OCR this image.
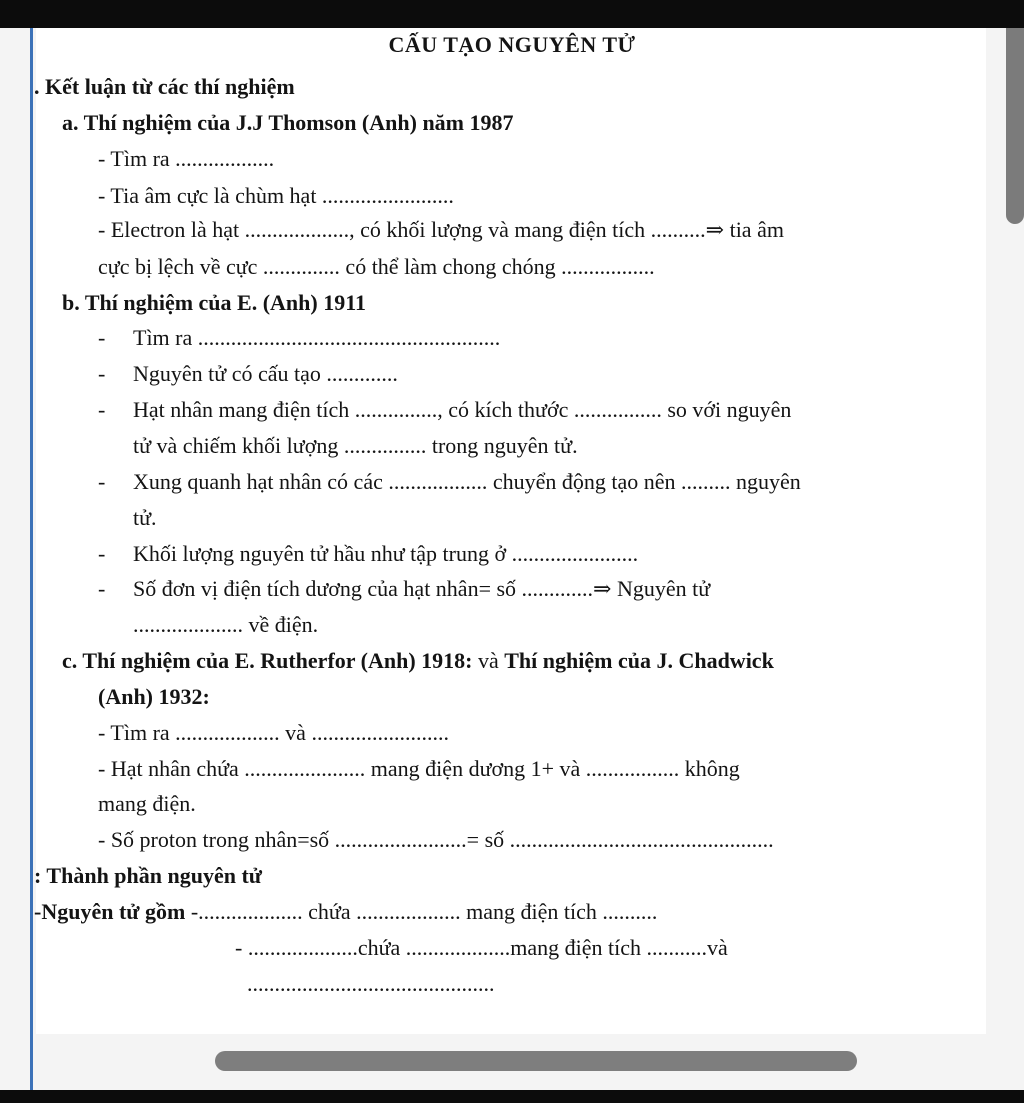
CẤU TẠO NGUYÊN TỬ
. Kết luận từ các thí nghiệm
a. Thí nghiệm của J.J Thomson (Anh) năm 1987
- Tìm ra ..................
- Tia âm cực là chùm hạt ........................
- Electron là hạt ..................., có khối lượng và mang điện tích ..........⇒ tia âm
cực bị lệch về cực .............. có thể làm chong chóng .................
b. Thí nghiệm của E. (Anh) 1911
- Tìm ra .......................................................
- Nguyên tử có cấu tạo .............
- Hạt nhân mang điện tích ..............., có kích thước ................ so với nguyên
tử và chiếm khối lượng ............... trong nguyên tử.
- Xung quanh hạt nhân có các .................. chuyển động tạo nên ......... nguyên
tử.
- Khối lượng nguyên tử hầu như tập trung ở .......................
- Số đơn vị điện tích dương của hạt nhân= số .............⇒ Nguyên tử
.................... về điện.
c. Thí nghiệm của E. Rutherfor (Anh) 1918: và Thí nghiệm của J. Chadwick
(Anh) 1932:
- Tìm ra ................... và .........................
- Hạt nhân chứa ...................... mang điện dương 1+ và ................. không
mang điện.
- Số proton trong nhân=số ........................= số ................................................
: Thành phần nguyên tử
-Nguyên tử gồm -................... chứa ................... mang điện tích ..........
- ....................chứa ...................mang điện tích ...........và
.............................................
